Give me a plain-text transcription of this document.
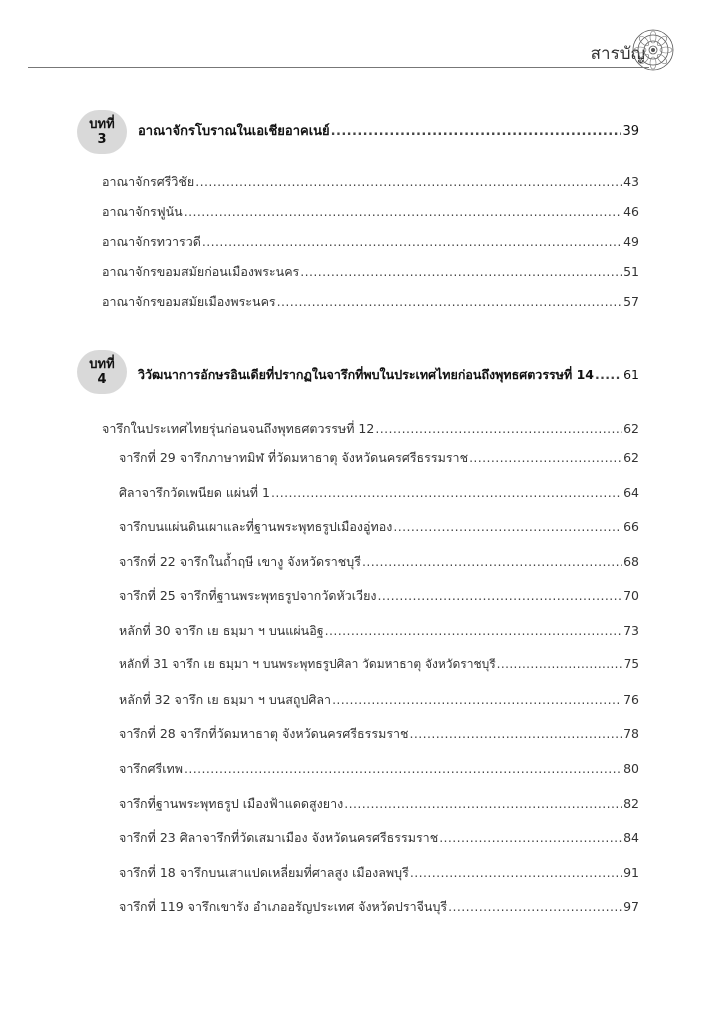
สารบัญ
บทที่
3
อาณาจักรโบราณในเอเชียอาคเนย์ .....	39
อาณาจักรศรีวิชัย .....	43
อาณาจักรฟูนัน .....	46
อาณาจักรทวารวดี .....	49
อาณาจักรขอมสมัยก่อนเมืองพระนคร .....	51
อาณาจักรขอมสมัยเมืองพระนคร .....	57
บทที่
4	วิวัฒนาการอักษรอินเดียที่ปรากฏในจารึกที่พบในประเทศไทยก่อนถึงพุทธศตวรรษที่ 14 ..... 61
จารึกในประเทศไทยรุ่นก่อนจนถึงพุทธศตวรรษที่ 12 .....	62
จารึกที่ 29 จารึกภาษาทมิฬ ที่วัดมหาธาตุ จังหวัดนครศรีธรรมราช .....	62
ศิลาจารึกวัดเพนียด แผ่นที่ 1 .....	64
จารึกบนแผ่นดินเผาและที่ฐานพระพุทธรูปเมืองอู่ทอง .....	66
จารึกที่ 22 จารึกในถ้ำฤษี เขางู จังหวัดราชบุรี .....	68
จารึกที่ 25 จารึกที่ฐานพระพุทธรูปจากวัดหัวเวียง .....	70
หลักที่ 30 จารึก เย ธมฺมา ฯ บนแผ่นอิฐ .....	73
หลักที่ 31 จารึก เย ธมฺมา ฯ บนพระพุทธรูปศิลา วัดมหาธาตุ จังหวัดราชบุรี .....	75
หลักที่ 32 จารึก เย ธมฺมา ฯ บนสถูปศิลา .....	76
จารึกที่ 28 จารึกที่วัดมหาธาตุ จังหวัดนครศรีธรรมราช .....	78
จารึกศรีเทพ .....	80
จารึกที่ฐานพระพุทธรูป เมืองฟ้าแดดสูงยาง .....	82
จารึกที่ 23 ศิลาจารึกที่วัดเสมาเมือง จังหวัดนครศรีธรรมราช .....	84
จารึกที่ 18 จารึกบนเสาแปดเหลี่ยมที่ศาลสูง เมืองลพบุรี .....	91
จารึกที่ 119 จารึกเขารัง อำเภออรัญประเทศ จังหวัดปราจีนบุรี .....	97
